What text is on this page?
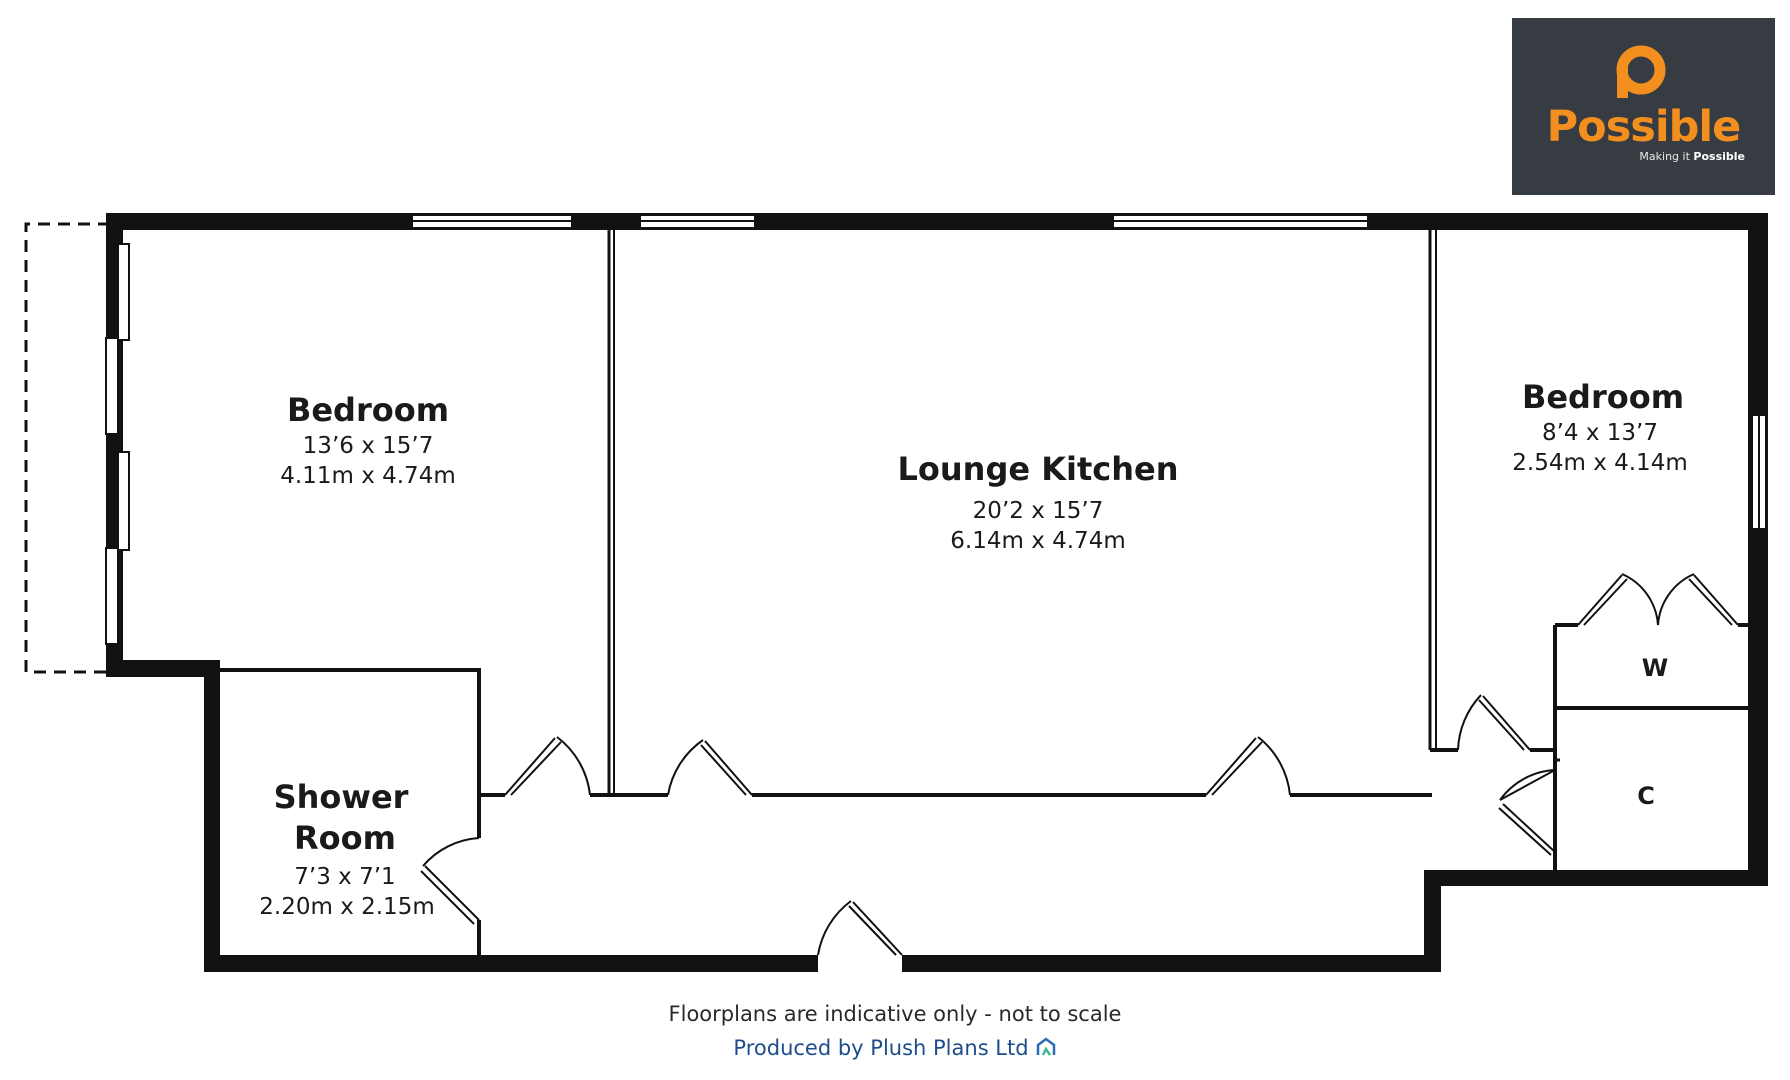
Bedroom
13’6 x 15’7
4.11m x 4.74m	Lounge Kitchen
20’2 x 15’7
6.14m x 4.74m
Bedroom
8’4 x 13’7
2.54m x 4.14m
Shower
Room
7’3 x 7’1
2.20m x 2.15m
W
C
Possible
Making it Possible
Floorplans are indicative only - not to scale
Produced by Plush Plans Ltd
